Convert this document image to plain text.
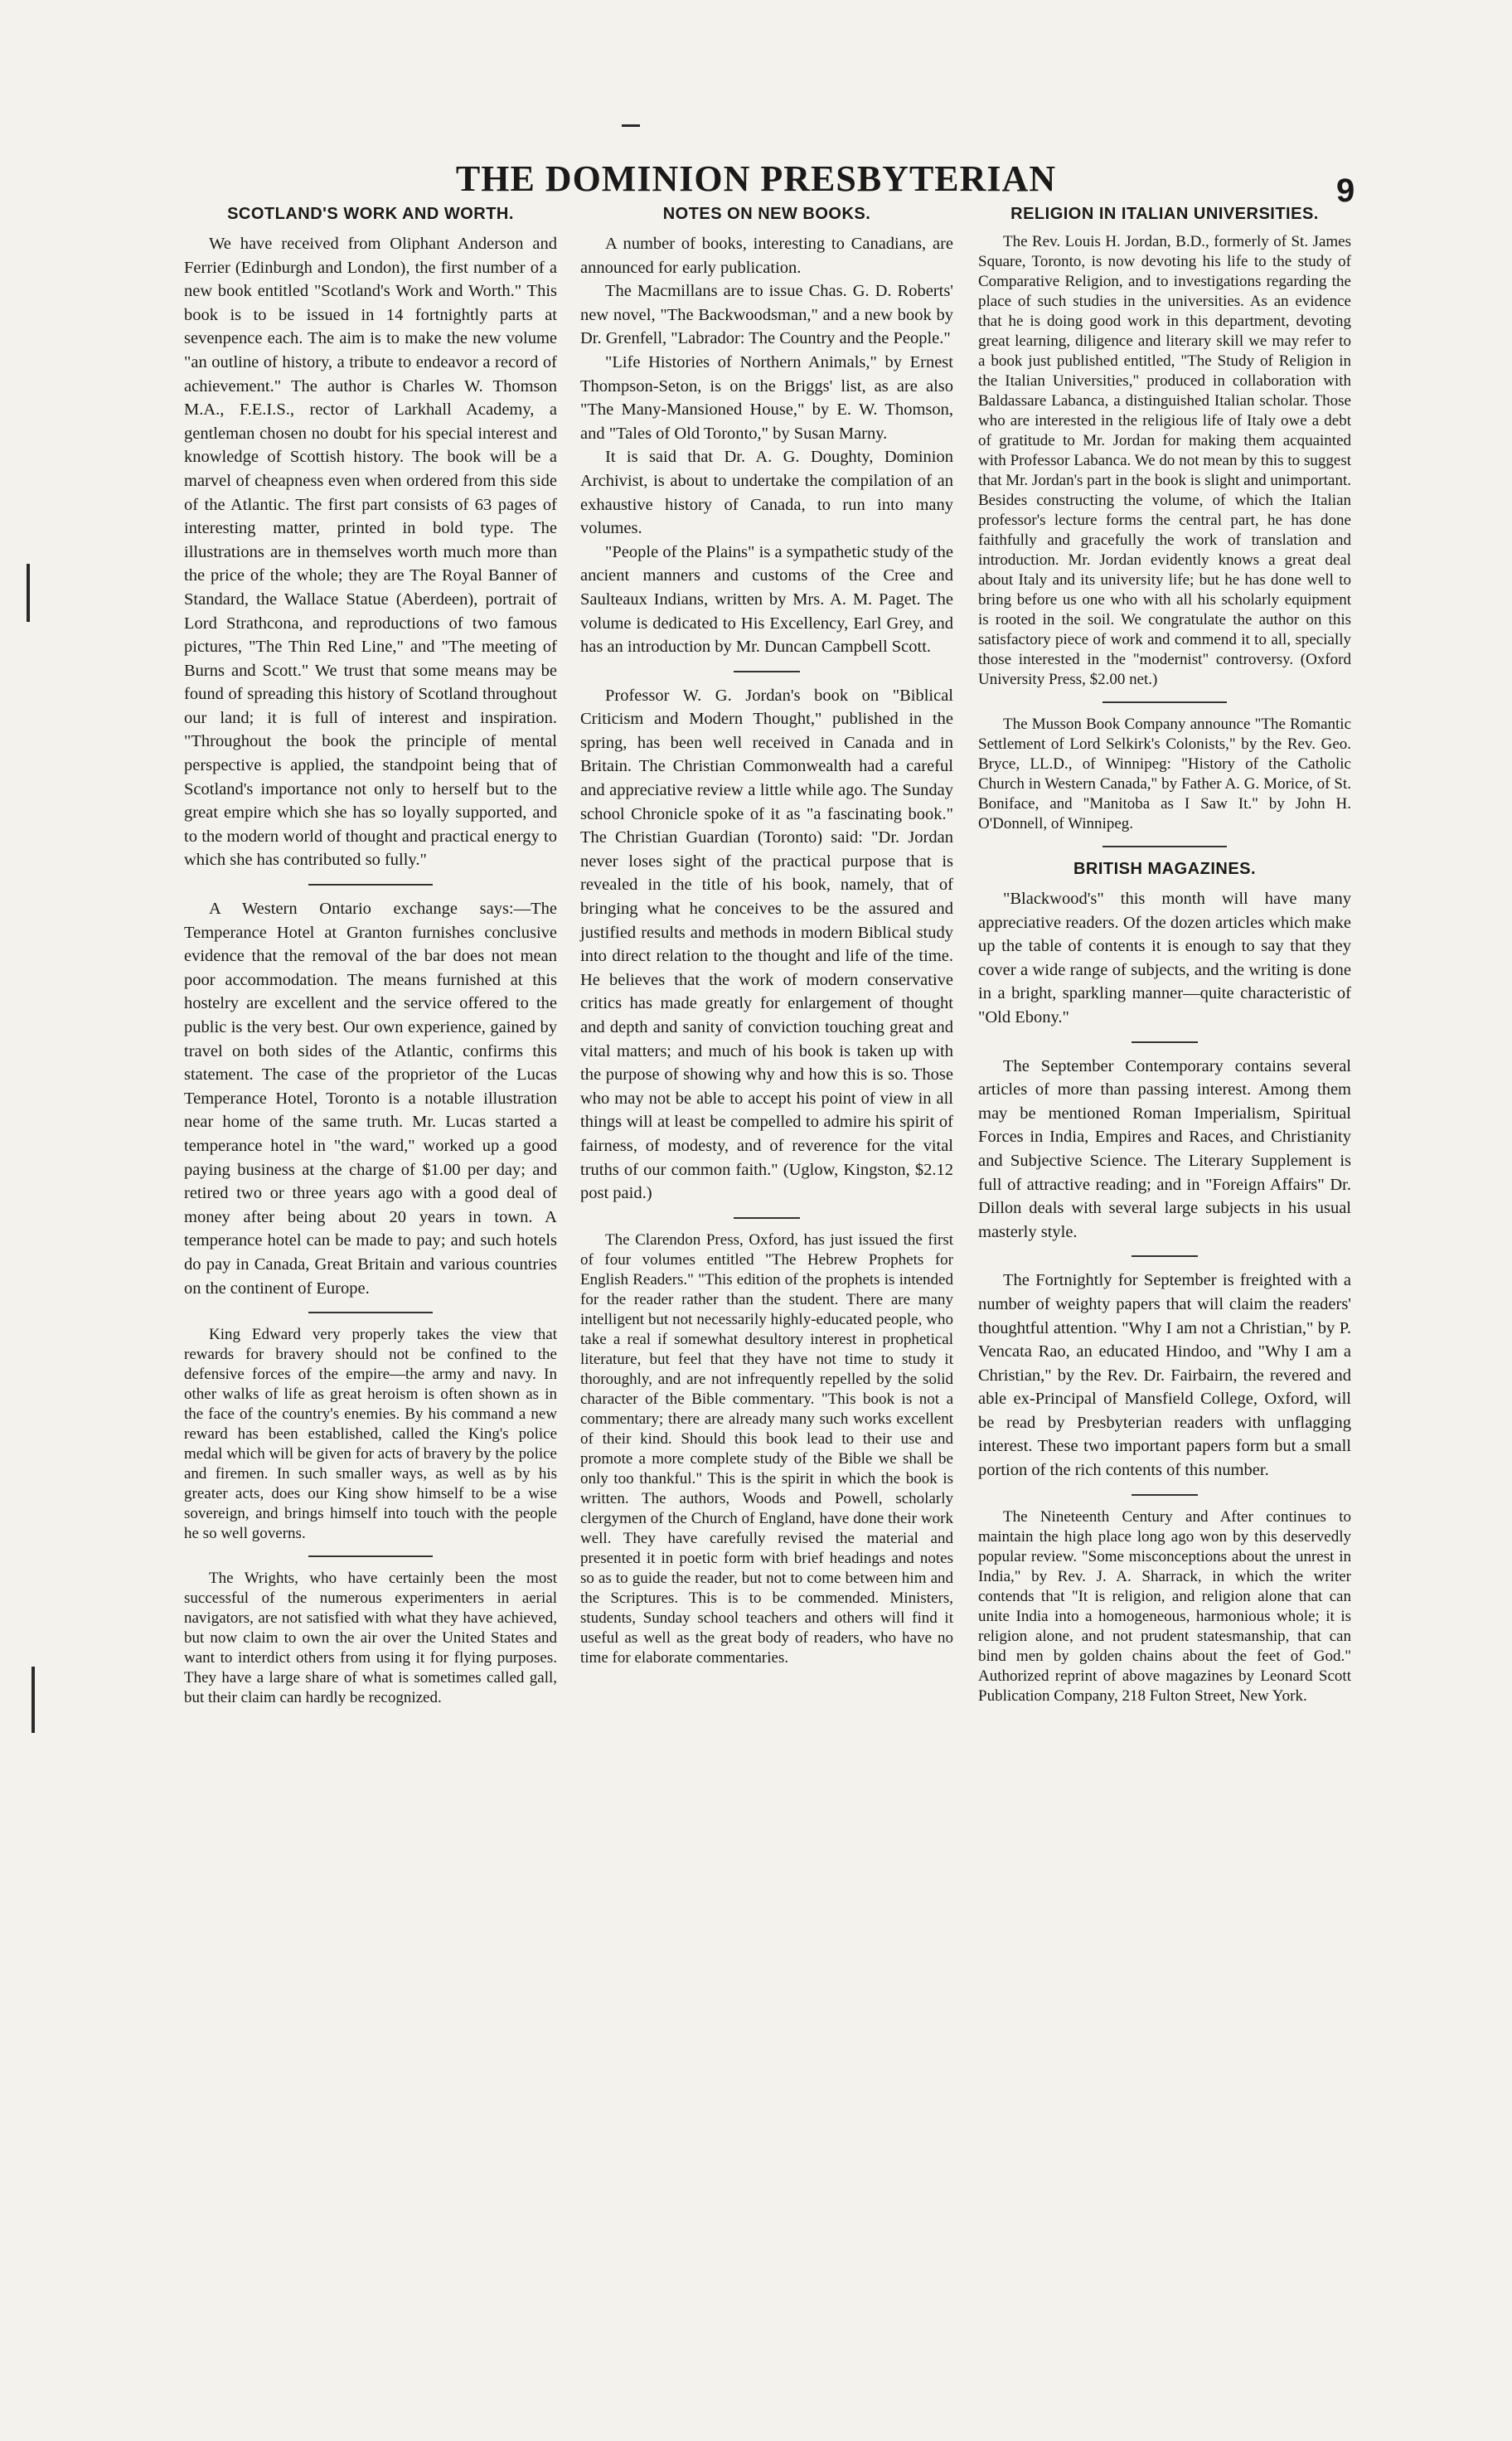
THE DOMINION PRESBYTERIAN	9
SCOTLAND'S WORK AND WORTH.

We have received from Oliphant Anderson and Ferrier (Edinburgh and London), the first number of a new book entitled "Scotland's Work and Worth." This book is to be issued in 14 fortnightly parts at sevenpence each. The aim is to make the new volume "an outline of history, a tribute to endeavor a record of achievement." The author is Charles W. Thomson M.A., F.E.I.S., rector of Larkhall Academy, a gentleman chosen no doubt for his special interest and knowledge of Scottish history. The book will be a marvel of cheapness even when ordered from this side of the Atlantic. The first part consists of 63 pages of interesting matter, printed in bold type. The illustrations are in themselves worth much more than the price of the whole; they are The Royal Banner of Standard, the Wallace Statue (Aberdeen), portrait of Lord Strathcona, and reproductions of two famous pictures, "The Thin Red Line," and "The meeting of Burns and Scott." We trust that some means may be found of spreading this history of Scotland throughout our land; it is full of interest and inspiration. "Throughout the book the principle of mental perspective is applied, the standpoint being that of Scotland's importance not only to herself but to the great empire which she has so loyally supported, and to the modern world of thought and practical energy to which she has contributed so fully."

A Western Ontario exchange says:—The Temperance Hotel at Granton furnishes conclusive evidence that the removal of the bar does not mean poor accommodation. The means furnished at this hostelry are excellent and the service offered to the public is the very best. Our own experience, gained by travel on both sides of the Atlantic, confirms this statement. The case of the proprietor of the Lucas Temperance Hotel, Toronto is a notable illustration near home of the same truth. Mr. Lucas started a temperance hotel in "the ward," worked up a good paying business at the charge of $1.00 per day; and retired two or three years ago with a good deal of money after being about 20 years in town. A temperance hotel can be made to pay; and such hotels do pay in Canada, Great Britain and various countries on the continent of Europe.

King Edward very properly takes the view that rewards for bravery should not be confined to the defensive forces of the empire—the army and navy. In other walks of life as great heroism is often shown as in the face of the country's enemies. By his command a new reward has been established, called the King's police medal which will be given for acts of bravery by the police and firemen. In such smaller ways, as well as by his greater acts, does our King show himself to be a wise sovereign, and brings himself into touch with the people he so well governs.

The Wrights, who have certainly been the most successful of the numerous experimenters in aerial navigators, are not satisfied with what they have achieved, but now claim to own the air over the United States and want to interdict others from using it for flying purposes. They have a large share of what is sometimes called gall, but their claim can hardly be recognized.

NOTES ON NEW BOOKS.

A number of books, interesting to Canadians, are announced for early publication.

The Macmillans are to issue Chas. G. D. Roberts' new novel, "The Backwoodsman," and a new book by Dr. Grenfell, "Labrador: The Country and the People."

"Life Histories of Northern Animals," by Ernest Thompson-Seton, is on the Briggs' list, as are also "The Many-Mansioned House," by E. W. Thomson, and "Tales of Old Toronto," by Susan Marny.

It is said that Dr. A. G. Doughty, Dominion Archivist, is about to undertake the compilation of an exhaustive history of Canada, to run into many volumes.

"People of the Plains" is a sympathetic study of the ancient manners and customs of the Cree and Saulteaux Indians, written by Mrs. A. M. Paget. The volume is dedicated to His Excellency, Earl Grey, and has an introduction by Mr. Duncan Campbell Scott.

Professor W. G. Jordan's book on "Biblical Criticism and Modern Thought," published in the spring, has been well received in Canada and in Britain. The Christian Commonwealth had a careful and appreciative review a little while ago. The Sunday school Chronicle spoke of it as "a fascinating book." The Christian Guardian (Toronto) said: "Dr. Jordan never loses sight of the practical purpose that is revealed in the title of his book, namely, that of bringing what he conceives to be the assured and justified results and methods in modern Biblical study into direct relation to the thought and life of the time. He believes that the work of modern conservative critics has made greatly for enlargement of thought and depth and sanity of conviction touching great and vital matters; and much of his book is taken up with the purpose of showing why and how this is so. Those who may not be able to accept his point of view in all things will at least be compelled to admire his spirit of fairness, of modesty, and of reverence for the vital truths of our common faith." (Uglow, Kingston, $2.12 post paid.)

The Clarendon Press, Oxford, has just issued the first of four volumes entitled "The Hebrew Prophets for English Readers." "This edition of the prophets is intended for the reader rather than the student. There are many intelligent but not necessarily highly-educated people, who take a real if somewhat desultory interest in prophetical literature, but feel that they have not time to study it thoroughly, and are not infrequently repelled by the solid character of the Bible commentary. "This book is not a commentary; there are already many such works excellent of their kind. Should this book lead to their use and promote a more complete study of the Bible we shall be only too thankful." This is the spirit in which the book is written. The authors, Woods and Powell, scholarly clergymen of the Church of England, have done their work well. They have carefully revised the material and presented it in poetic form with brief headings and notes so as to guide the reader, but not to come between him and the Scriptures. This is to be commended. Ministers, students, Sunday school teachers and others will find it useful as well as the great body of readers, who have no time for elaborate commentaries.

RELIGION IN ITALIAN UNIVERSITIES.

The Rev. Louis H. Jordan, B.D., formerly of St. James Square, Toronto, is now devoting his life to the study of Comparative Religion, and to investigations regarding the place of such studies in the universities. As an evidence that he is doing good work in this department, devoting great learning, diligence and literary skill we may refer to a book just published entitled, "The Study of Religion in the Italian Universities," produced in collaboration with Baldassare Labanca, a distinguished Italian scholar. Those who are interested in the religious life of Italy owe a debt of gratitude to Mr. Jordan for making them acquainted with Professor Labanca. We do not mean by this to suggest that Mr. Jordan's part in the book is slight and unimportant. Besides constructing the volume, of which the Italian professor's lecture forms the central part, he has done faithfully and gracefully the work of translation and introduction. Mr. Jordan evidently knows a great deal about Italy and its university life; but he has done well to bring before us one who with all his scholarly equipment is rooted in the soil. We congratulate the author on this satisfactory piece of work and commend it to all, specially those interested in the "modernist" controversy. (Oxford University Press, $2.00 net.)

The Musson Book Company announce "The Romantic Settlement of Lord Selkirk's Colonists," by the Rev. Geo. Bryce, LL.D., of Winnipeg: "History of the Catholic Church in Western Canada," by Father A. G. Morice, of St. Boniface, and "Manitoba as I Saw It." by John H. O'Donnell, of Winnipeg.

BRITISH MAGAZINES.

"Blackwood's" this month will have many appreciative readers. Of the dozen articles which make up the table of contents it is enough to say that they cover a wide range of subjects, and the writing is done in a bright, sparkling manner—quite characteristic of "Old Ebony."

The September Contemporary contains several articles of more than passing interest. Among them may be mentioned Roman Imperialism, Spiritual Forces in India, Empires and Races, and Christianity and Subjective Science. The Literary Supplement is full of attractive reading; and in "Foreign Affairs" Dr. Dillon deals with several large subjects in his usual masterly style.

The Fortnightly for September is freighted with a number of weighty papers that will claim the readers' thoughtful attention. "Why I am not a Christian," by P. Vencata Rao, an educated Hindoo, and "Why I am a Christian," by the Rev. Dr. Fairbairn, the revered and able ex-Principal of Mansfield College, Oxford, will be read by Presbyterian readers with unflagging interest. These two important papers form but a small portion of the rich contents of this number.

The Nineteenth Century and After continues to maintain the high place long ago won by this deservedly popular review. "Some misconceptions about the unrest in India," by Rev. J. A. Sharrack, in which the writer contends that "It is religion, and religion alone that can unite India into a homogeneous, harmonious whole; it is religion alone, and not prudent statesmanship, that can bind men by golden chains about the feet of God." Authorized reprint of above magazines by Leonard Scott Publication Company, 218 Fulton Street, New York.
